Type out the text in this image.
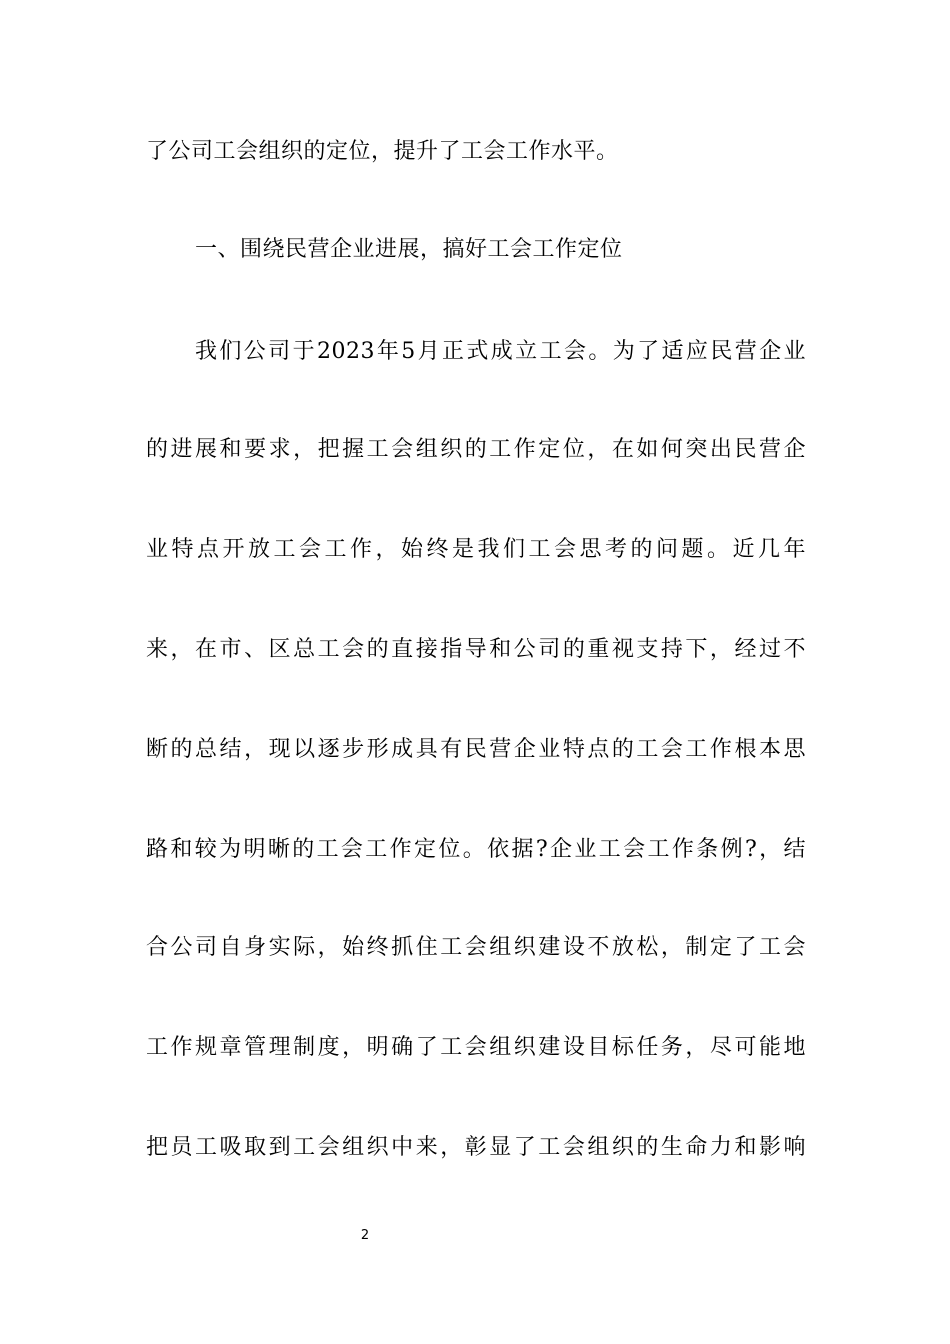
了公司工会组织的定位，提升了工会工作水平。
一、围绕民营企业进展，搞好工会工作定位
我们公司于2023年5月正式成立工会。为了适应民营企业
的进展和要求，把握工会组织的工作定位，在如何突出民营企
业特点开放工会工作，始终是我们工会思考的问题。近几年
来，在市、区总工会的直接指导和公司的重视支持下，经过不
断的总结，现以逐步形成具有民营企业特点的工会工作根本思
路和较为明晰的工会工作定位。依据?企业工会工作条例?，结
合公司自身实际，始终抓住工会组织建设不放松，制定了工会
工作规章管理制度，明确了工会组织建设目标任务，尽可能地
把员工吸取到工会组织中来，彰显了工会组织的生命力和影响
2
